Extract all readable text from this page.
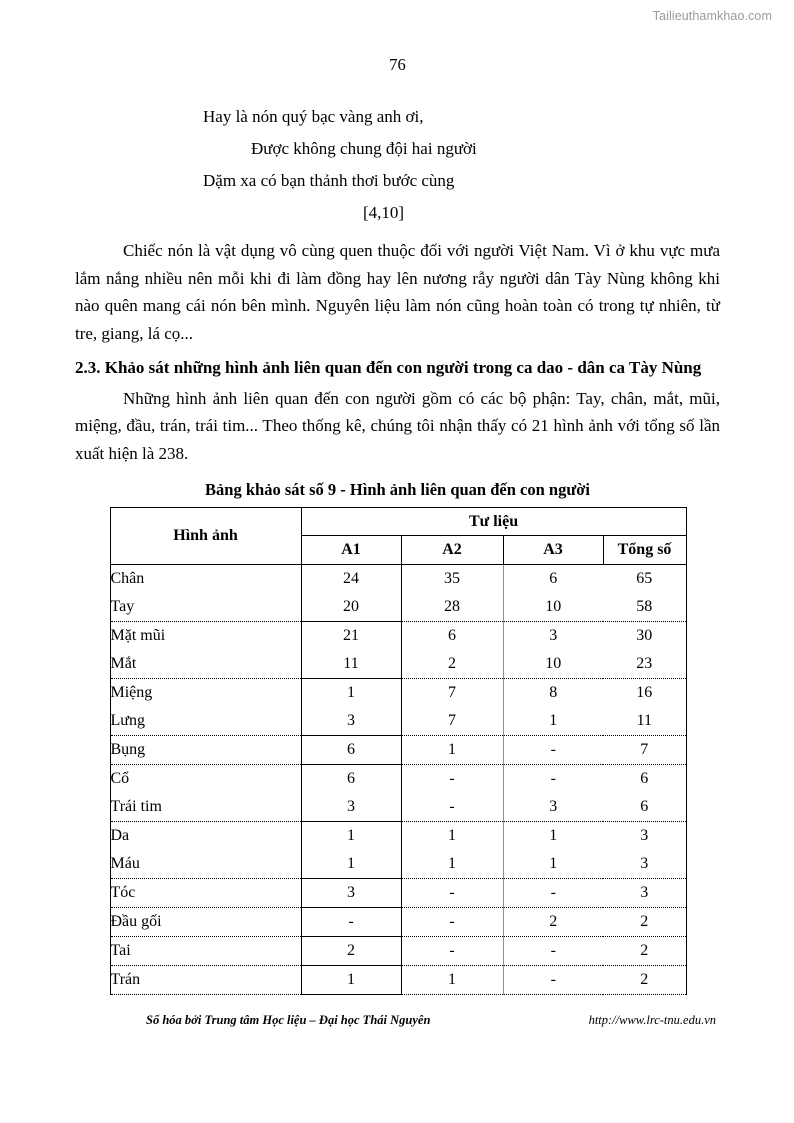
Tailieuthamkhao.com
76
Hay là nón quý bạc vàng anh ơi,
Được không chung đội hai người
Dặm xa có bạn thảnh thơi bước cùng
[4,10]

Chiếc nón là vật dụng vô cùng quen thuộc đối với người Việt Nam. Vì ở khu vực mưa lắm nắng nhiều nên mỗi khi đi làm đồng hay lên nương rẫy người dân Tày Nùng không khi nào quên mang cái nón bên mình. Nguyên liệu làm nón cũng hoàn toàn có trong tự nhiên, từ tre, giang, lá cọ...

2.3. Khảo sát những hình ảnh liên quan đến con người trong ca dao - dân ca Tày Nùng

Những hình ảnh liên quan đến con người gồm có các bộ phận: Tay, chân, mắt, mũi, miệng, đầu, trán, trái tim... Theo thống kê, chúng tôi nhận thấy có 21 hình ảnh với tổng số lần xuất hiện là 238.

Bảng khảo sát số 9 - Hình ảnh liên quan đến con người
Hình ảnh	Tư liệu			
	A1	A2	A3	Tổng số
Chân	24	35	6	65
Tay	20	28	10	58
Mặt mũi	21	6	3	30
Mắt	11	2	10	23
Miệng	1	7	8	16
Lưng	3	7	1	11
Bụng	6	1	-	7
Cổ	6	-	-	6
Trái tim	3	-	3	6
Da	1	1	1	3
Máu	1	1	1	3
Tóc	3	-	-	3
Đầu gối	-	-	2	2
Tai	2	-	-	2
Trán	1	1	-	2
Số hóa bởi Trung tâm Học liệu – Đại học Thái Nguyên	http://www.lrc-tnu.edu.vn
